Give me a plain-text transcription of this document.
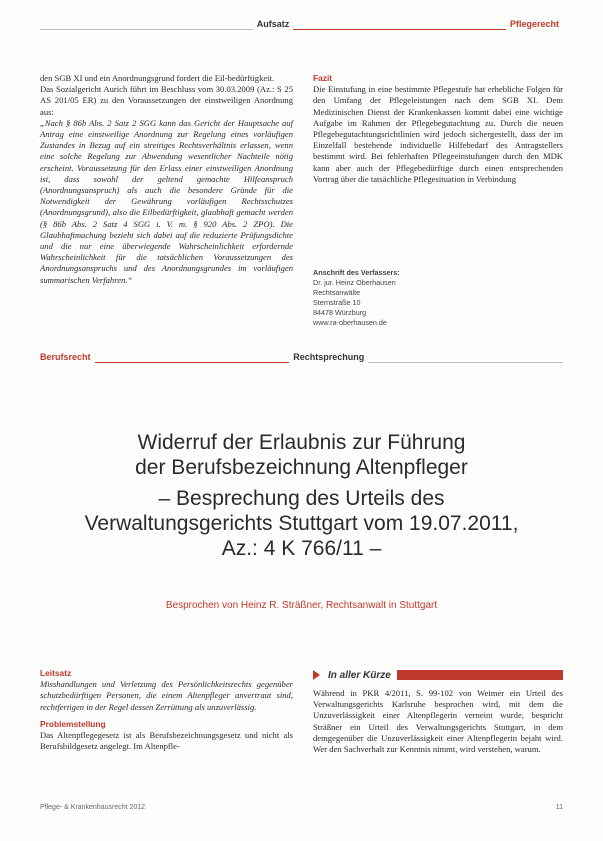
Aufsatz	Pflegerecht

den SGB XI und ein Anordnungsgrund fordert die Eil-bedürftigkeit.

Das Sozialgericht Aurich führt im Beschluss vom 30.03.2009 (Az.: S 25 AS 201/05 ER) zu den Voraussetzungen der einstweiligen Anordnung aus:

„Nach § 86b Abs. 2 Satz 2 SGG kann das Gericht der Hauptsache auf Antrag eine einstweilige Anordnung zur Regelung eines vorläufigen Zustandes in Bezug auf ein streitiges Rechtsverhältnis erlassen, wenn eine solche Regelung zur Abwendung wesentlicher Nachteile nötig erscheint. Voraussetzung für den Erlass einer einstweiligen Anordnung ist, dass sowohl der geltend gemachte Hilfeanspruch (Anordnungsanspruch) als auch die besondere Gründe für die Notwendigkeit der Gewährung vorläufigen Rechtsschutzes (Anordnungsgrund), also die Eilbedürftigkeit, glaubhaft gemacht werden (§ 86b Abs. 2 Satz 4 SGG i. V. m. § 920 Abs. 2 ZPO). Die Glaubhaftmachung bezieht sich dabei auf die reduzierte Prüfungsdichte und die nur eine überwiegende Wahrscheinlichkeit erfordernde Wahrscheinlichkeit für die tatsächlichen Voraussetzungen des Anordnungsanspruchs und des Anordnungsgrundes im vorläufigen summarischen Verfahren.“

Fazit

Die Einstufung in eine bestimmte Pflegestufe hat erhebliche Folgen für den Umfang der Pflegeleistungen nach dem SGB XI. Dem Medizinischen Dienst der Krankenkassen kommt dabei eine wichtige Aufgabe im Rahmen der Pflegebegutachtung zu. Durch die neuen Pflegebegutachtungsrichtlinien wird jedoch sichergestellt, dass der im Einzelfall bestehende individuelle Hilfebedarf des Antragstellers bestimmt wird. Bei fehlerhaften Pflegeeinstufungen durch den MDK kann aber auch der Pflegebedürftige durch einen entsprechenden Vortrag über die tatsächliche Pflegesituation in Verbindung

Anschrift des Verfassers:
Dr. jur. Heinz Oberhausen
Rechtsanwälte
Sternstraße 10
84478 Würzburg
www.ra-oberhausen.de
Berufsrecht	Rechtsprechung
Widerruf der Erlaubnis zur Führung
der Berufsbezeichnung Altenpfleger
– Besprechung des Urteils des
Verwaltungsgerichts Stuttgart vom 19.07.2011,
Az.: 4 K 766/11 –
Besprochen von Heinz R. Sträßner, Rechtsanwalt in Stuttgart

Leitsatz

Misshandlungen und Verletzung des Persönlichkeitsrechts gegenüber schutzbedürftigen Personen, die einem Altenpfleger anvertraut sind, rechtfertigen in der Regel dessen Zerrüttung als unzuverlässig.

Problemstellung

Das Altenpflegegesetz ist als Berufsbezeichnungsgesetz und nicht als Berufsbildgesetz angelegt. Im Altenpfle-

In aller Kürze

Während in PKR 4/2011, S. 99-102 von Weimer ein Urteil des Verwaltungsgerichts Karlsruhe besprochen wird, mit dem die Unzuverlässigkeit einer Altenpflegerin verneint wurde, bespricht Sträßner ein Urteil des Verwaltungsgerichts Stuttgart, in dem demgegenüber die Unzuverlässigkeit einer Altenpflegerin bejaht wird. Wer den Sachverhalt zur Kenntnis nimmt, wird verstehen, warum.

Pflege- & Krankenhausrecht 2012	11
